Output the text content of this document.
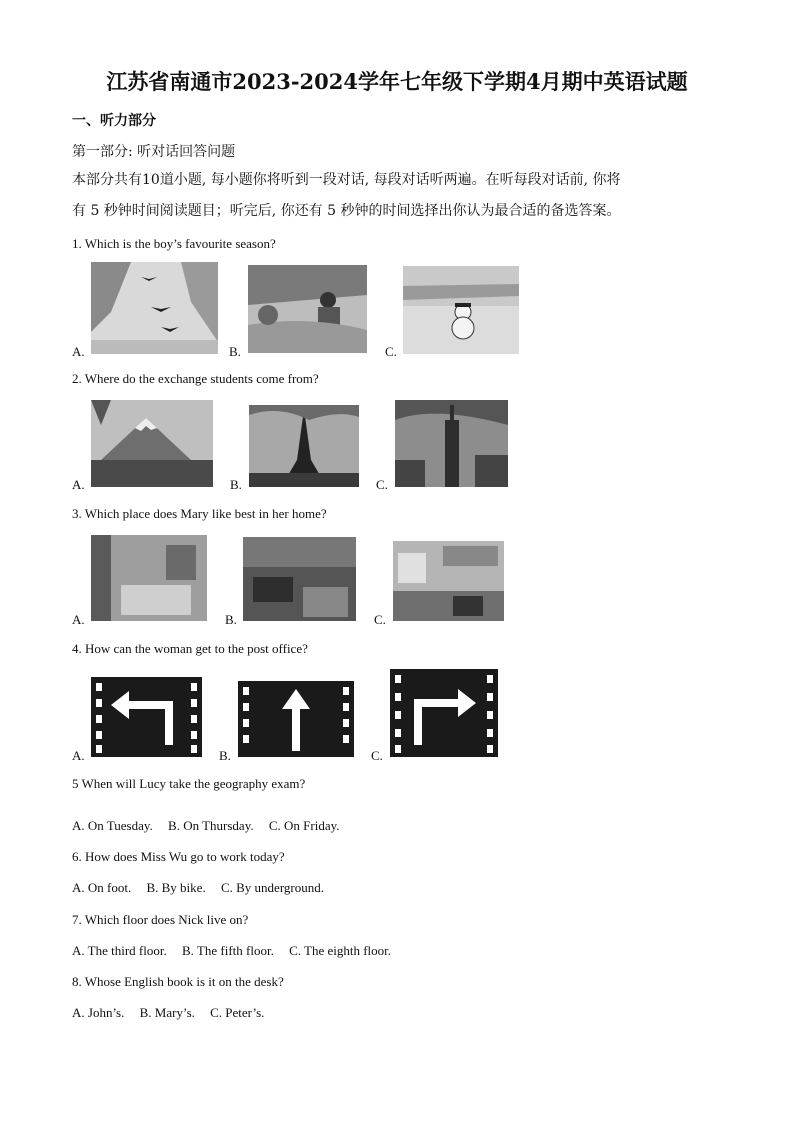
江苏省南通市2023-2024学年七年级下学期4月期中英语试题
一、听力部分
第一部分: 听对话回答问题
本部分共有10道小题, 每小题你将听到一段对话, 每段对话听两遍。在听每段对话前, 你将
有 5 秒钟时间阅读题目；听完后, 你还有 5 秒钟的时间选择出你认为最合适的备选答案。
1. Which is the boy’s favourite season?
A.	B.	C.
2. Where do the exchange students come from?
A.	B.	C.
3. Which place does Mary like best in her home?
A.	B.	C.
4. How can the woman get to the post office?
A.	B.	C.
5 When will Lucy take the geography exam?
A. On Tuesday. B. On Thursday. C. On Friday.
6. How does Miss Wu go to work today?
A. On foot. B. By bike. C. By underground.
7. Which floor does Nick live on?
A. The third floor. B. The fifth floor. C. The eighth floor.
8. Whose English book is it on the desk?
A. John’s. B. Mary’s. C. Peter’s.
